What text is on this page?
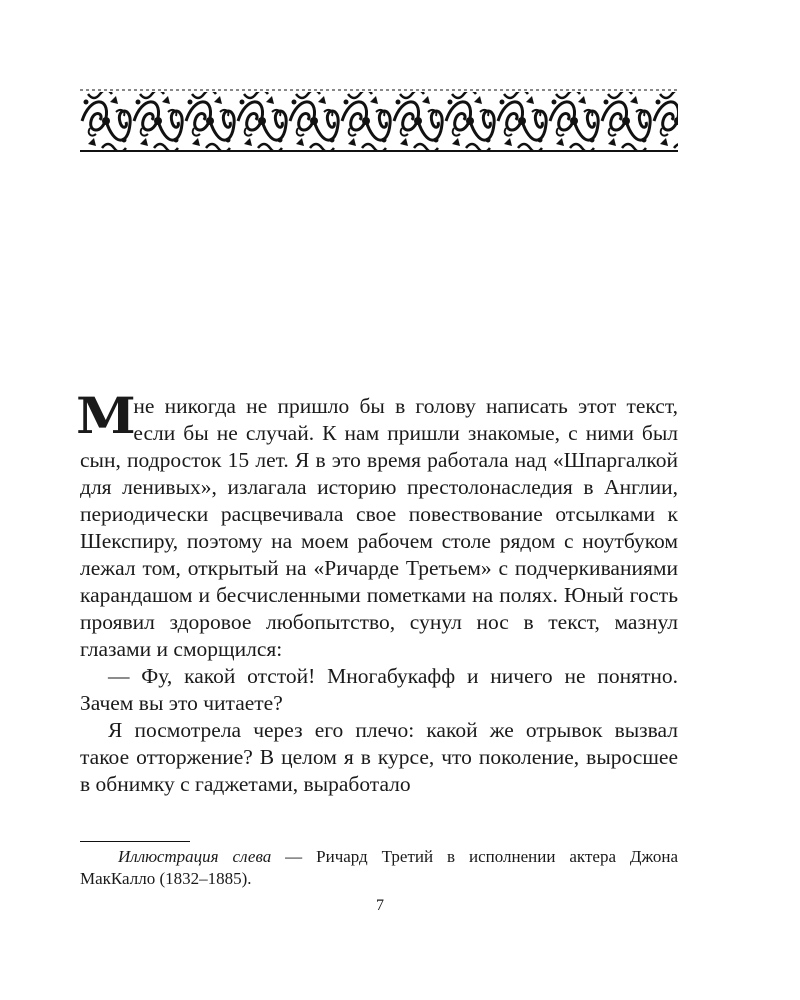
Мне никогда не пришло бы в голову написать этот текст, если бы не случай. К нам пришли знакомые, с ними был сын, подросток 15 лет. Я в это время работала над «Шпаргалкой для ленивых», излагала историю престолонаследия в Англии, периодически расцвечивала свое повествование отсылками к Шекспиру, поэтому на моем рабочем столе рядом с ноутбуком лежал том, открытый на «Ричарде Третьем» с подчеркиваниями карандашом и бесчисленными пометками на полях. Юный гость проявил здоровое любопытство, сунул нос в текст, мазнул глазами и сморщился:

— Фу, какой отстой! Многабукафф и ничего не понятно. Зачем вы это читаете?

Я посмотрела через его плечо: какой же отрывок вызвал такое отторжение? В целом я в курсе, что поколение, выросшее в обнимку с гаджетами, выработало

Иллюстрация слева — Ричард Третий в исполнении актера Джона МакКалло (1832–1885).

7
